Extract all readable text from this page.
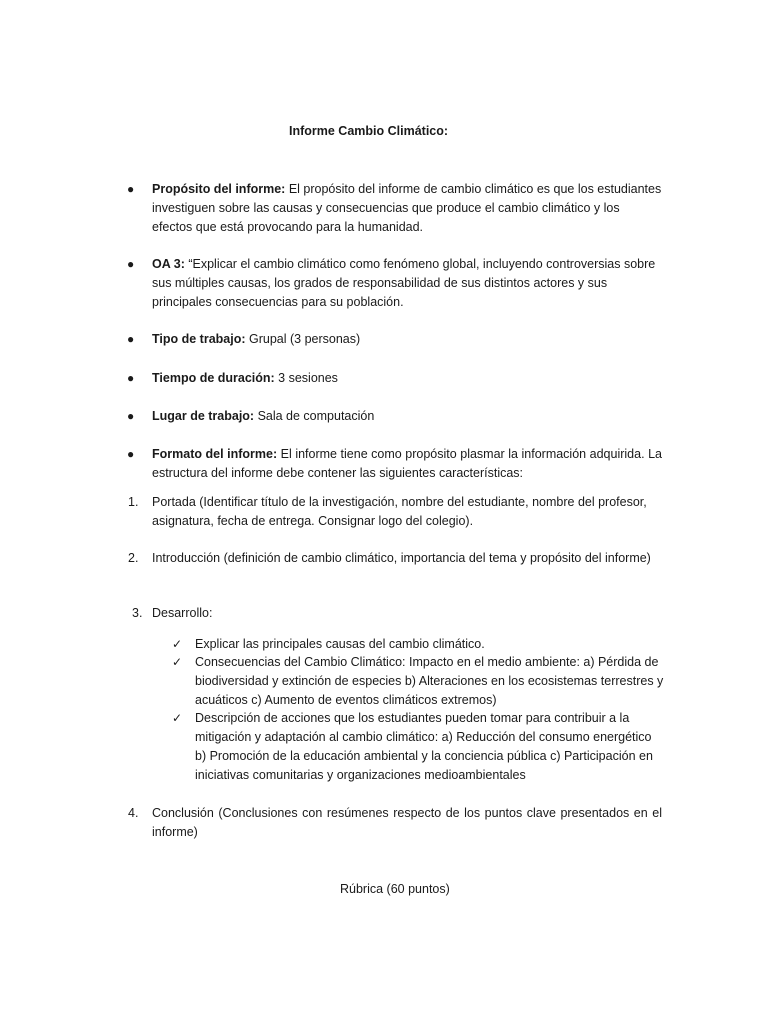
Informe Cambio Climático:
● Propósito del informe: El propósito del informe de cambio climático es que los estudiantes investiguen sobre las causas y consecuencias que produce el cambio climático y los efectos que está provocando para la humanidad.
● OA 3: “Explicar el cambio climático como fenómeno global, incluyendo controversias sobre sus múltiples causas, los grados de responsabilidad de sus distintos actores y sus principales consecuencias para su población.
● Tipo de trabajo: Grupal (3 personas)
● Tiempo de duración: 3 sesiones
● Lugar de trabajo: Sala de computación
● Formato del informe: El informe tiene como propósito plasmar la información adquirida. La estructura del informe debe contener las siguientes características:
1. Portada (Identificar título de la investigación, nombre del estudiante, nombre del profesor, asignatura, fecha de entrega. Consignar logo del colegio).
2. Introducción (definición de cambio climático, importancia del tema y propósito del informe)
3. Desarrollo:
✓ Explicar las principales causas del cambio climático.
✓ Consecuencias del Cambio Climático: Impacto en el medio ambiente: a) Pérdida de biodiversidad y extinción de especies b) Alteraciones en los ecosistemas terrestres y acuáticos c) Aumento de eventos climáticos extremos)
✓ Descripción de acciones que los estudiantes pueden tomar para contribuir a la mitigación y adaptación al cambio climático: a) Reducción del consumo energético b) Promoción de la educación ambiental y la conciencia pública c) Participación en iniciativas comunitarias y organizaciones medioambientales
4. Conclusión (Conclusiones con resúmenes respecto de los puntos clave presentados en el informe)
Rúbrica (60 puntos)
